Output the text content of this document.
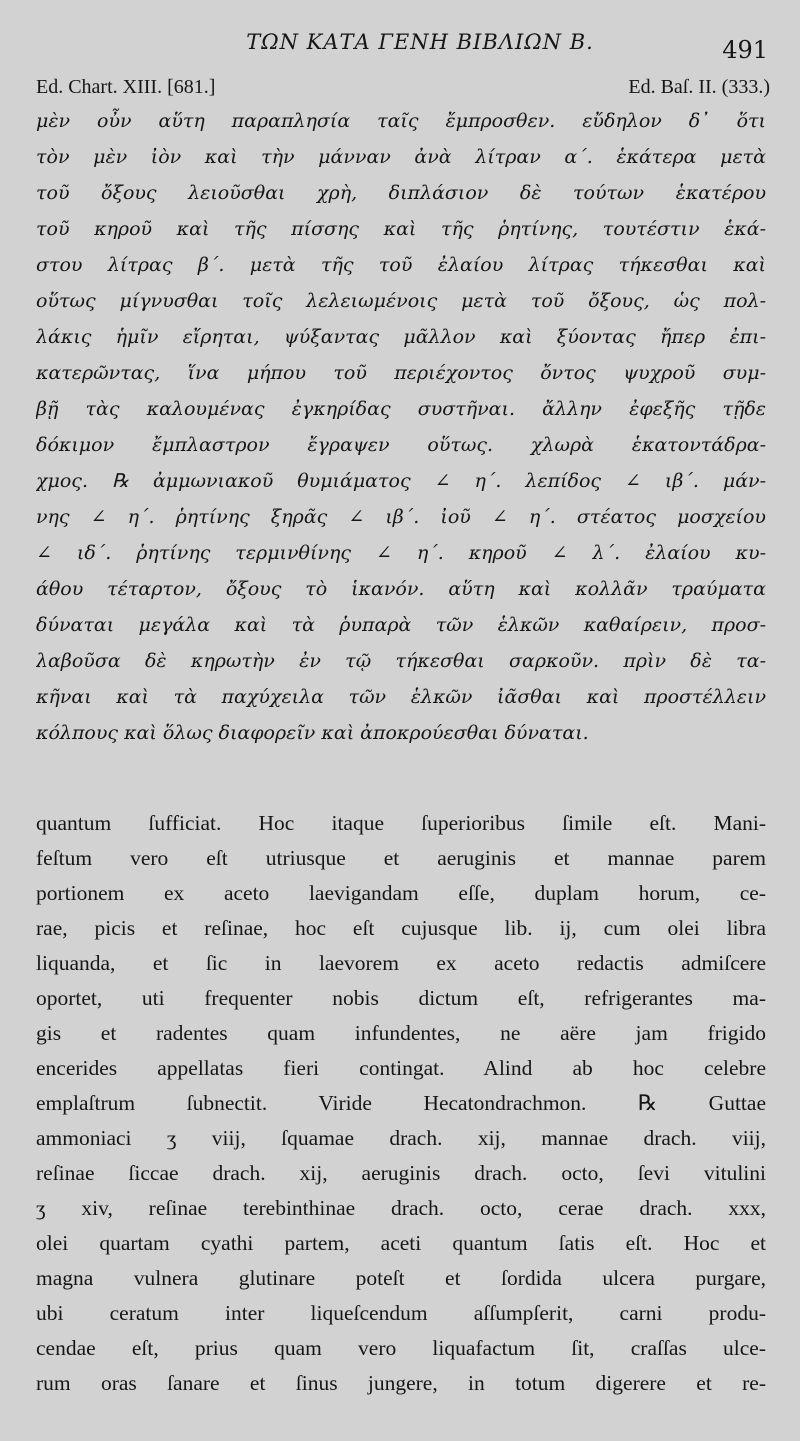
ΤΩΝ ΚΑΤΑ ΓΕΝΗ ΒΙΒΛΙΩΝ Β.	491
Ed. Chart. XIII. [681.]	Ed. Baſ. II. (333.)
μὲν οὖν αὕτη παραπλησία ταῖς ἔμπροσθεν. εὔδηλον δ᾽ ὅτι
τὸν μὲν ἰὸν καὶ τὴν μάνναν ἀνὰ λίτραν α΄. ἑκάτερα μετὰ
τοῦ ὄξους λειοῦσθαι χρὴ, διπλάσιον δὲ τούτων ἑκατέρου
τοῦ κηροῦ καὶ τῆς πίσσης καὶ τῆς ῥητίνης, τουτέστιν ἑκά-
στου λίτρας β΄. μετὰ τῆς τοῦ ἐλαίου λίτρας τήκεσθαι καὶ
οὕτως μίγνυσθαι τοῖς λελειωμένοις μετὰ τοῦ ὄξους, ὡς πολ-
λάκις ἡμῖν εἴρηται, ψύξαντας μᾶλλον καὶ ξύοντας ἤπερ ἐπι-
κατερῶντας, ἵνα μήπου τοῦ περιέχοντος ὄντος ψυχροῦ συμ-
βῇ τὰς καλουμένας ἐγκηρίδας συστῆναι. ἄλλην ἐφεξῆς τῇδε
δόκιμον ἔμπλαστρον ἔγραψεν οὕτως. χλωρὰ ἑκατοντάδρα-
χμος. ℞ ἀμμωνιακοῦ θυμιάματος ∠ η΄. λεπίδος ∠ ιβ΄. μάν-
νης ∠ η΄. ῥητίνης ξηρᾶς ∠ ιβ΄. ἰοῦ ∠ η΄. στέατος μοσχείου
∠ ιδ΄. ῥητίνης τερμινθίνης ∠ η΄. κηροῦ ∠ λ΄. ἐλαίου κυ-
άθου τέταρτον, ὄξους τὸ ἱκανόν. αὕτη καὶ κολλᾶν τραύματα
δύναται μεγάλα καὶ τὰ ῥυπαρὰ τῶν ἑλκῶν καθαίρειν, προσ-
λαβοῦσα δὲ κηρωτὴν ἐν τῷ τήκεσθαι σαρκοῦν. πρὶν δὲ τα-
κῆναι καὶ τὰ παχύχειλα τῶν ἑλκῶν ἰᾶσθαι καὶ προστέλλειν
κόλπους καὶ ὅλως διαφορεῖν καὶ ἀποκρούεσθαι δύναται.
quantum ſufficiat. Hoc itaque ſuperioribus ſimile eſt. Mani-
feſtum vero eſt utriusque et aeruginis et mannae parem
portionem ex aceto laevigandam eſſe, duplam horum, ce-
rae, picis et reſinae, hoc eſt cujusque lib. ij, cum olei libra
liquanda, et ſic in laevorem ex aceto redactis admiſcere
oportet, uti frequenter nobis dictum eſt, refrigerantes ma-
gis et radentes quam infundentes, ne aëre jam frigido
encerides appellatas fieri contingat. Alind ab hoc celebre
emplaſtrum ſubnectit. Viride Hecatondrachmon. ℞ Guttae
ammoniaci ʒ viij, ſquamae drach. xij, mannae drach. viij,
reſinae ſiccae drach. xij, aeruginis drach. octo, ſevi vitulini
ʒ xiv, reſinae terebinthinae drach. octo, cerae drach. xxx,
olei quartam cyathi partem, aceti quantum ſatis eſt. Hoc et
magna vulnera glutinare poteſt et ſordida ulcera purgare,
ubi ceratum inter liqueſcendum aſſumpſerit, carni produ-
cendae eſt, prius quam vero liquafactum ſit, craſſas ulce-
rum oras ſanare et ſinus jungere, in totum digerere et re-
